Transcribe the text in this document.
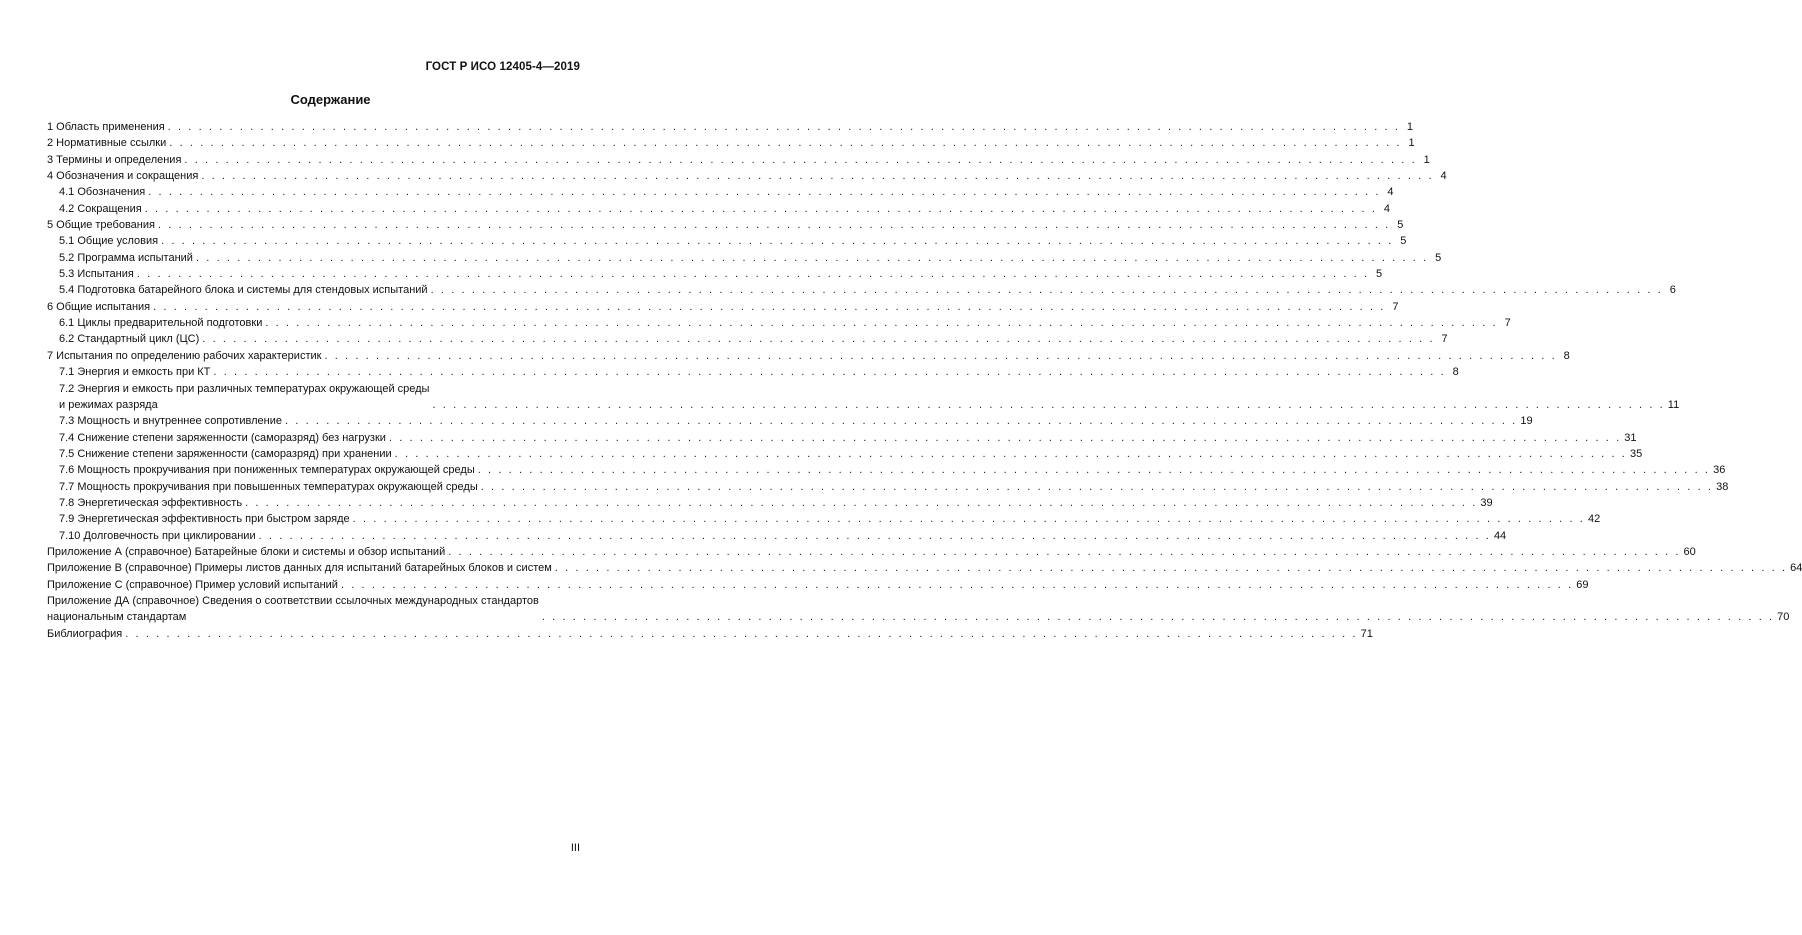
ГОСТ Р ИСО 12405-4—2019
Содержание
1 Область применения . . . . . . . . . . . . . . . . . . . . . . . . . . . . . . . . . . . . . . . . . . . . . . . . . . . . . . . . . . . . . . . . . . . . . . . . . . . . . . . . . . . . . . . . . . . . . . . . . . . . . . . . . . . . . . . . . . . . . . . . 1
2 Нормативные ссылки . . . . . . . . . . . . . . . . . . . . . . . . . . . . . . . . . . . . . . . . . . . . . . . . . . . . . . . . . . . . . . . . . . . . . . . . . . . . . . . . . . . . . . . . . . . . . . . . . . . . . . . . . . . . . . . . . . . . . . . . 1
3 Термины и определения . . . . . . . . . . . . . . . . . . . . . . . . . . . . . . . . . . . . . . . . . . . . . . . . . . . . . . . . . . . . . . . . . . . . . . . . . . . . . . . . . . . . . . . . . . . . . . . . . . . . . . . . . . . . . . . . . . . . . . . . 1
4 Обозначения и сокращения . . . . . . . . . . . . . . . . . . . . . . . . . . . . . . . . . . . . . . . . . . . . . . . . . . . . . . . . . . . . . . . . . . . . . . . . . . . . . . . . . . . . . . . . . . . . . . . . . . . . . . . . . . . . . . . . . . . . . . . . 4
4.1 Обозначения . . . . . . . . . . . . . . . . . . . . . . . . . . . . . . . . . . . . . . . . . . . . . . . . . . . . . . . . . . . . . . . . . . . . . . . . . . . . . . . . . . . . . . . . . . . . . . . . . . . . . . . . . . . . . . . . . . . . . . . . 4
4.2 Сокращения . . . . . . . . . . . . . . . . . . . . . . . . . . . . . . . . . . . . . . . . . . . . . . . . . . . . . . . . . . . . . . . . . . . . . . . . . . . . . . . . . . . . . . . . . . . . . . . . . . . . . . . . . . . . . . . . . . . . . . . . 4
5 Общие требования . . . . . . . . . . . . . . . . . . . . . . . . . . . . . . . . . . . . . . . . . . . . . . . . . . . . . . . . . . . . . . . . . . . . . . . . . . . . . . . . . . . . . . . . . . . . . . . . . . . . . . . . . . . . . . . . . . . . . . . . 5
5.1 Общие условия . . . . . . . . . . . . . . . . . . . . . . . . . . . . . . . . . . . . . . . . . . . . . . . . . . . . . . . . . . . . . . . . . . . . . . . . . . . . . . . . . . . . . . . . . . . . . . . . . . . . . . . . . . . . . . . . . . . . . . . . 5
5.2 Программа испытаний . . . . . . . . . . . . . . . . . . . . . . . . . . . . . . . . . . . . . . . . . . . . . . . . . . . . . . . . . . . . . . . . . . . . . . . . . . . . . . . . . . . . . . . . . . . . . . . . . . . . . . . . . . . . . . . . . . . . . . . . 5
5.3 Испытания . . . . . . . . . . . . . . . . . . . . . . . . . . . . . . . . . . . . . . . . . . . . . . . . . . . . . . . . . . . . . . . . . . . . . . . . . . . . . . . . . . . . . . . . . . . . . . . . . . . . . . . . . . . . . . . . . . . . . . . . 5
5.4 Подготовка батарейного блока и системы для стендовых испытаний . . . . . . . . . . . . . . . . . . . . . . . . . . . . . . . . . . . . . . . . . . . . . . . . . . . . . . . . . . . . . . . . . . . . . . . . . . . . . . . . . . . . . . . . . . . . . . . . . . . . . . . . . . . . . . . . . . . . . . . . 6
6 Общие испытания . . . . . . . . . . . . . . . . . . . . . . . . . . . . . . . . . . . . . . . . . . . . . . . . . . . . . . . . . . . . . . . . . . . . . . . . . . . . . . . . . . . . . . . . . . . . . . . . . . . . . . . . . . . . . . . . . . . . . . . . 7
6.1 Циклы предварительной подготовки . . . . . . . . . . . . . . . . . . . . . . . . . . . . . . . . . . . . . . . . . . . . . . . . . . . . . . . . . . . . . . . . . . . . . . . . . . . . . . . . . . . . . . . . . . . . . . . . . . . . . . . . . . . . . . . . . . . . . . . . 7
6.2 Стандартный цикл (ЦС) . . . . . . . . . . . . . . . . . . . . . . . . . . . . . . . . . . . . . . . . . . . . . . . . . . . . . . . . . . . . . . . . . . . . . . . . . . . . . . . . . . . . . . . . . . . . . . . . . . . . . . . . . . . . . . . . . . . . . . . . 7
7 Испытания по определению рабочих характеристик . . . . . . . . . . . . . . . . . . . . . . . . . . . . . . . . . . . . . . . . . . . . . . . . . . . . . . . . . . . . . . . . . . . . . . . . . . . . . . . . . . . . . . . . . . . . . . . . . . . . . . . . . . . . . . . . . . . . . . . . 8
7.1 Энергия и емкость при КТ . . . . . . . . . . . . . . . . . . . . . . . . . . . . . . . . . . . . . . . . . . . . . . . . . . . . . . . . . . . . . . . . . . . . . . . . . . . . . . . . . . . . . . . . . . . . . . . . . . . . . . . . . . . . . . . . . . . . . . . . 8
7.2 Энергия и емкость при различных температурах окружающей среды
и режимах разряда	. . . . . . . . . . . . . . . . . . . . . . . . . . . . . . . . . . . . . . . . . . . . . . . . . . . . . . . . . . . . . . . . . . . . . . . . . . . . . . . . . . . . . . . . . . . . . . . . . . . . . . . . . . . . . . . . . . . . . . . . 11
7.3 Мощность и внутреннее сопротивление . . . . . . . . . . . . . . . . . . . . . . . . . . . . . . . . . . . . . . . . . . . . . . . . . . . . . . . . . . . . . . . . . . . . . . . . . . . . . . . . . . . . . . . . . . . . . . . . . . . . . . . . . . . . . . . . . . . . . . . . 19
7.4 Снижение степени заряженности (саморазряд) без нагрузки . . . . . . . . . . . . . . . . . . . . . . . . . . . . . . . . . . . . . . . . . . . . . . . . . . . . . . . . . . . . . . . . . . . . . . . . . . . . . . . . . . . . . . . . . . . . . . . . . . . . . . . . . . . . . . . . . . . . . . . . 31
7.5 Снижение степени заряженности (саморазряд) при хранении . . . . . . . . . . . . . . . . . . . . . . . . . . . . . . . . . . . . . . . . . . . . . . . . . . . . . . . . . . . . . . . . . . . . . . . . . . . . . . . . . . . . . . . . . . . . . . . . . . . . . . . . . . . . . . . . . . . . . . . . 35
7.6 Мощность прокручивания при пониженных температурах окружающей среды . . . . . . . . . . . . . . . . . . . . . . . . . . . . . . . . . . . . . . . . . . . . . . . . . . . . . . . . . . . . . . . . . . . . . . . . . . . . . . . . . . . . . . . . . . . . . . . . . . . . . . . . . . . . . . . . . . . . . . . . 36
7.7 Мощность прокручивания при повышенных температурах окружающей среды . . . . . . . . . . . . . . . . . . . . . . . . . . . . . . . . . . . . . . . . . . . . . . . . . . . . . . . . . . . . . . . . . . . . . . . . . . . . . . . . . . . . . . . . . . . . . . . . . . . . . . . . . . . . . . . . . . . . . . . . 38
7.8 Энергетическая эффективность . . . . . . . . . . . . . . . . . . . . . . . . . . . . . . . . . . . . . . . . . . . . . . . . . . . . . . . . . . . . . . . . . . . . . . . . . . . . . . . . . . . . . . . . . . . . . . . . . . . . . . . . . . . . . . . . . . . . . . . . 39
7.9 Энергетическая эффективность при быстром заряде . . . . . . . . . . . . . . . . . . . . . . . . . . . . . . . . . . . . . . . . . . . . . . . . . . . . . . . . . . . . . . . . . . . . . . . . . . . . . . . . . . . . . . . . . . . . . . . . . . . . . . . . . . . . . . . . . . . . . . . . 42
7.10 Долговечность при циклировании . . . . . . . . . . . . . . . . . . . . . . . . . . . . . . . . . . . . . . . . . . . . . . . . . . . . . . . . . . . . . . . . . . . . . . . . . . . . . . . . . . . . . . . . . . . . . . . . . . . . . . . . . . . . . . . . . . . . . . . . 44
Приложение А (справочное) Батарейные блоки и системы и обзор испытаний . . . . . . . . . . . . . . . . . . . . . . . . . . . . . . . . . . . . . . . . . . . . . . . . . . . . . . . . . . . . . . . . . . . . . . . . . . . . . . . . . . . . . . . . . . . . . . . . . . . . . . . . . . . . . . . . . . . . . . . . 60
Приложение В (справочное) Примеры листов данных для испытаний батарейных блоков и систем . . . . . . . . . . . . . . . . . . . . . . . . . . . . . . . . . . . . . . . . . . . . . . . . . . . . . . . . . . . . . . . . . . . . . . . . . . . . . . . . . . . . . . . . . . . . . . . . . . . . . . . . . . . . . . . . . . . . . . . . 64
Приложение С (справочное) Пример условий испытаний . . . . . . . . . . . . . . . . . . . . . . . . . . . . . . . . . . . . . . . . . . . . . . . . . . . . . . . . . . . . . . . . . . . . . . . . . . . . . . . . . . . . . . . . . . . . . . . . . . . . . . . . . . . . . . . . . . . . . . . . 69
Приложение ДА (справочное) Сведения о соответствии ссылочных международных стандартов
национальным стандартам	. . . . . . . . . . . . . . . . . . . . . . . . . . . . . . . . . . . . . . . . . . . . . . . . . . . . . . . . . . . . . . . . . . . . . . . . . . . . . . . . . . . . . . . . . . . . . . . . . . . . . . . . . . . . . . . . . . . . . . . . 70
Библиография . . . . . . . . . . . . . . . . . . . . . . . . . . . . . . . . . . . . . . . . . . . . . . . . . . . . . . . . . . . . . . . . . . . . . . . . . . . . . . . . . . . . . . . . . . . . . . . . . . . . . . . . . . . . . . . . . . . . . . . . 71
III
